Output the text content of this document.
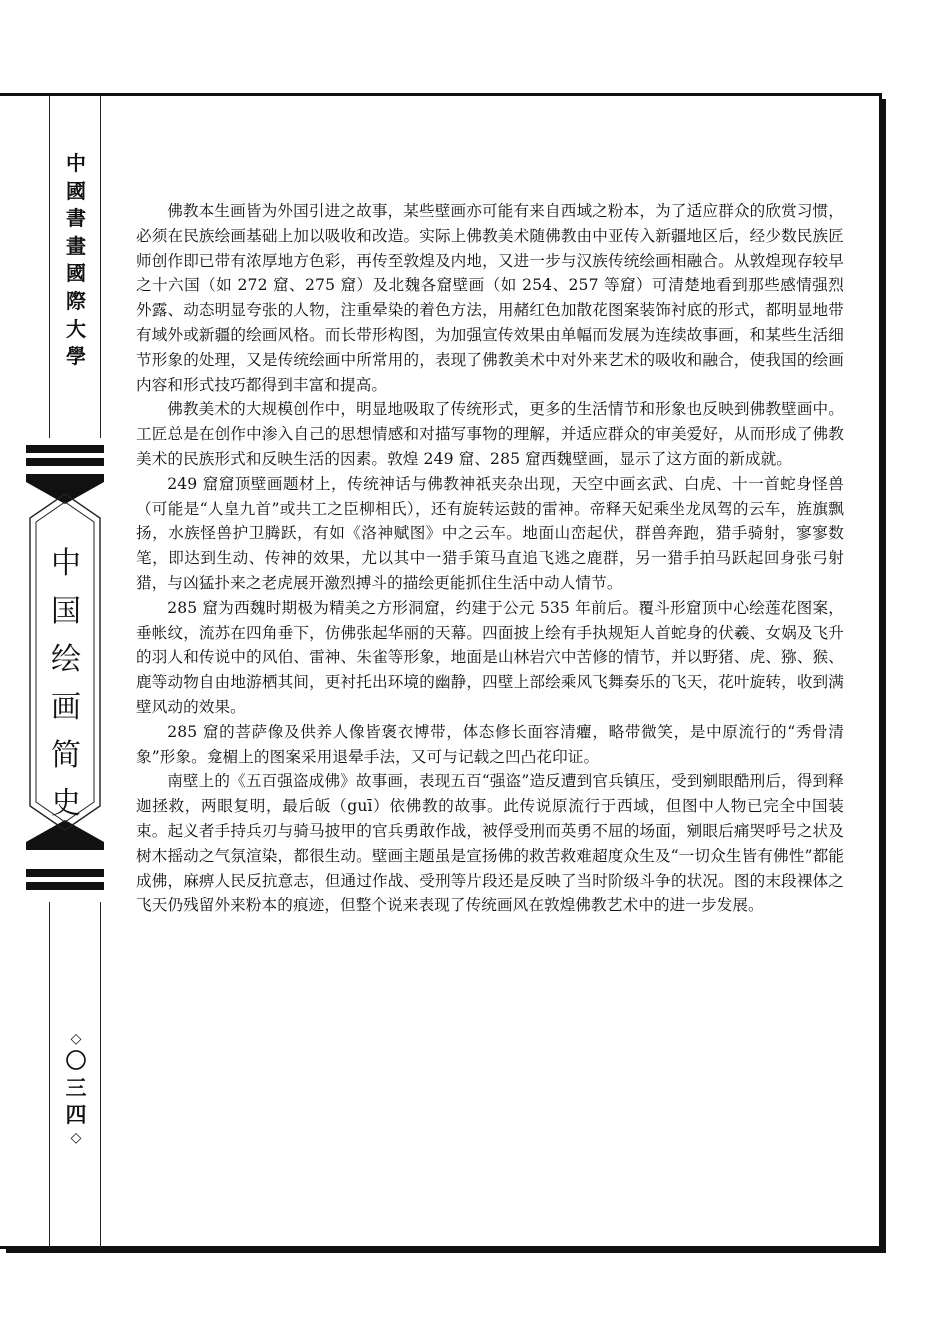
中
國
書
畫
國
際
大
學
中
国
绘
画
简
史
◇
〇
三
四
◇

佛教本生画皆为外国引进之故事，某些壁画亦可能有来自西域之粉本，为了适应群众的欣赏习惯，必须在民族绘画基础上加以吸收和改造。实际上佛教美术随佛教由中亚传入新疆地区后，经少数民族匠师创作即已带有浓厚地方色彩，再传至敦煌及内地，又进一步与汉族传统绘画相融合。从敦煌现存较早之十六国（如 272 窟、275 窟）及北魏各窟壁画（如 254、257 等窟）可清楚地看到那些感情强烈外露、动态明显夸张的人物，注重晕染的着色方法，用赭红色加散花图案装饰衬底的形式，都明显地带有域外或新疆的绘画风格。而长带形构图，为加强宣传效果由单幅而发展为连续故事画，和某些生活细节形象的处理，又是传统绘画中所常用的，表现了佛教美术中对外来艺术的吸收和融合，使我国的绘画内容和形式技巧都得到丰富和提高。

佛教美术的大规模创作中，明显地吸取了传统形式，更多的生活情节和形象也反映到佛教壁画中。工匠总是在创作中渗入自己的思想情感和对描写事物的理解，并适应群众的审美爱好，从而形成了佛教美术的民族形式和反映生活的因素。敦煌 249 窟、285 窟西魏壁画，显示了这方面的新成就。

249 窟窟顶壁画题材上，传统神话与佛教神祇夹杂出现，天空中画玄武、白虎、十一首蛇身怪兽（可能是“人皇九首”或共工之臣柳相氏），还有旋转运鼓的雷神。帝释天妃乘坐龙凤驾的云车，旌旗飘扬，水族怪兽护卫腾跃，有如《洛神赋图》中之云车。地面山峦起伏，群兽奔跑，猎手骑射，寥寥数笔，即达到生动、传神的效果，尤以其中一猎手策马直追飞逃之鹿群，另一猎手拍马跃起回身张弓射猎，与凶猛扑来之老虎展开激烈搏斗的描绘更能抓住生活中动人情节。

285 窟为西魏时期极为精美之方形洞窟，约建于公元 535 年前后。覆斗形窟顶中心绘莲花图案，垂帐纹，流苏在四角垂下，仿佛张起华丽的天幕。四面披上绘有手执规矩人首蛇身的伏羲、女娲及飞升的羽人和传说中的风伯、雷神、朱雀等形象，地面是山林岩穴中苦修的情节，并以野猪、虎、猕、猴、鹿等动物自由地游栖其间，更衬托出环境的幽静，四壁上部绘乘风飞舞奏乐的飞天，花叶旋转，收到满壁风动的效果。

285 窟的菩萨像及供养人像皆褒衣博带，体态修长面容清癯，略带微笑，是中原流行的“秀骨清象”形象。龛楣上的图案采用退晕手法，又可与记载之凹凸花印证。

南壁上的《五百强盗成佛》故事画，表现五百“强盗”造反遭到官兵镇压，受到剜眼酷刑后，得到释迦拯救，两眼复明，最后皈（guī）依佛教的故事。此传说原流行于西域，但图中人物已完全中国装束。起义者手持兵刃与骑马披甲的官兵勇敢作战，被俘受刑而英勇不屈的场面，剜眼后痛哭呼号之状及树木摇动之气氛渲染，都很生动。壁画主题虽是宣扬佛的救苦救难超度众生及“一切众生皆有佛性”都能成佛，麻痹人民反抗意志，但通过作战、受刑等片段还是反映了当时阶级斗争的状况。图的末段裸体之飞天仍残留外来粉本的痕迹，但整个说来表现了传统画风在敦煌佛教艺术中的进一步发展。
